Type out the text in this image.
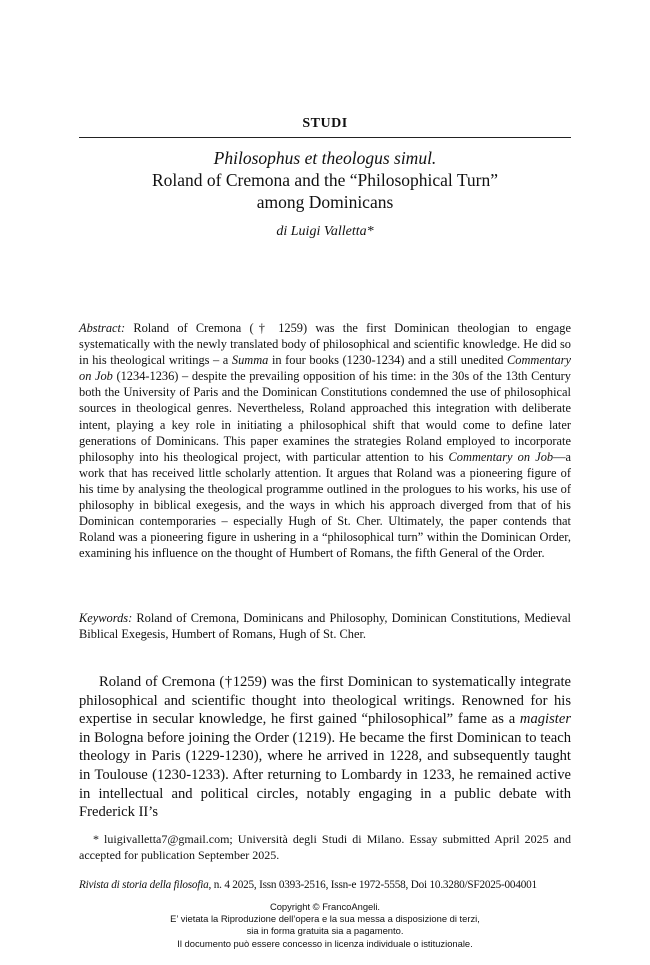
STUDI
Philosophus et theologus simul.
Roland of Cremona and the “Philosophical Turn”
among Dominicans
di Luigi Valletta*
Abstract: Roland of Cremona († 1259) was the first Dominican theologian to engage systematically with the newly translated body of philosophical and scientific knowledge. He did so in his theological writings – a Summa in four books (1230-1234) and a still unedited Commentary on Job (1234-1236) – despite the prevailing opposition of his time: in the 30s of the 13th Century both the University of Paris and the Dominican Constitutions condemned the use of philosophical sources in theological genres. Nevertheless, Roland approached this integration with deliberate intent, playing a key role in initiating a philosophical shift that would come to define later generations of Dominicans. This paper examines the strategies Roland employed to incorporate philosophy into his theological project, with particular attention to his Commentary on Job—a work that has received little scholarly attention. It argues that Roland was a pioneering figure of his time by analysing the theological programme outlined in the prologues to his works, his use of philosophy in biblical exegesis, and the ways in which his approach diverged from that of his Dominican contemporaries – especially Hugh of St. Cher. Ultimately, the paper contends that Roland was a pioneering figure in ushering in a “philosophical turn” within the Dominican Order, examining his influence on the thought of Humbert of Romans, the fifth General of the Order.
Keywords: Roland of Cremona, Dominicans and Philosophy, Dominican Constitutions, Medieval Biblical Exegesis, Humbert of Romans, Hugh of St. Cher.
Roland of Cremona (†1259) was the first Dominican to systematically integrate philosophical and scientific thought into theological writings. Renowned for his expertise in secular knowledge, he first gained “philosophical” fame as a magister in Bologna before joining the Order (1219). He became the first Dominican to teach theology in Paris (1229-1230), where he arrived in 1228, and subsequently taught in Toulouse (1230-1233). After returning to Lombardy in 1233, he remained active in intellectual and political circles, notably engaging in a public debate with Frederick II’s
* luigivalletta7@gmail.com; Università degli Studi di Milano. Essay submitted April 2025 and accepted for publication September 2025.
Rivista di storia della filosofia, n. 4 2025, Issn 0393-2516, Issn-e 1972-5558, Doi 10.3280/SF2025-004001
Copyright © FrancoAngeli.
E’ vietata la Riproduzione dell’opera e la sua messa a disposizione di terzi,
sia in forma gratuita sia a pagamento.
Il documento può essere concesso in licenza individuale o istituzionale.
